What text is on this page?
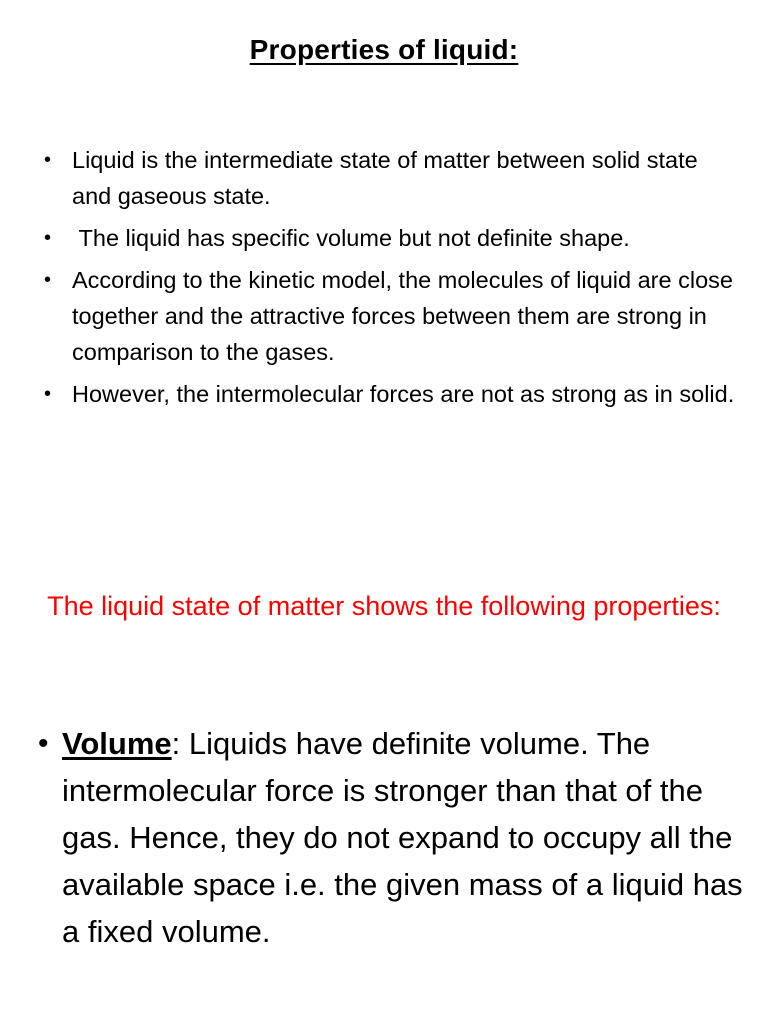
Properties of liquid:
• Liquid is the intermediate state of matter between solid state and gaseous state.
• The liquid has specific volume but not definite shape.
• According to the kinetic model, the molecules of liquid are close together and the attractive forces between them are strong in comparison to the gases.
• However, the intermolecular forces are not as strong as in solid.
The liquid state of matter shows the following properties:
• Volume: Liquids have definite volume. The intermolecular force is stronger than that of the gas. Hence, they do not expand to occupy all the available space i.e. the given mass of a liquid has a fixed volume.
